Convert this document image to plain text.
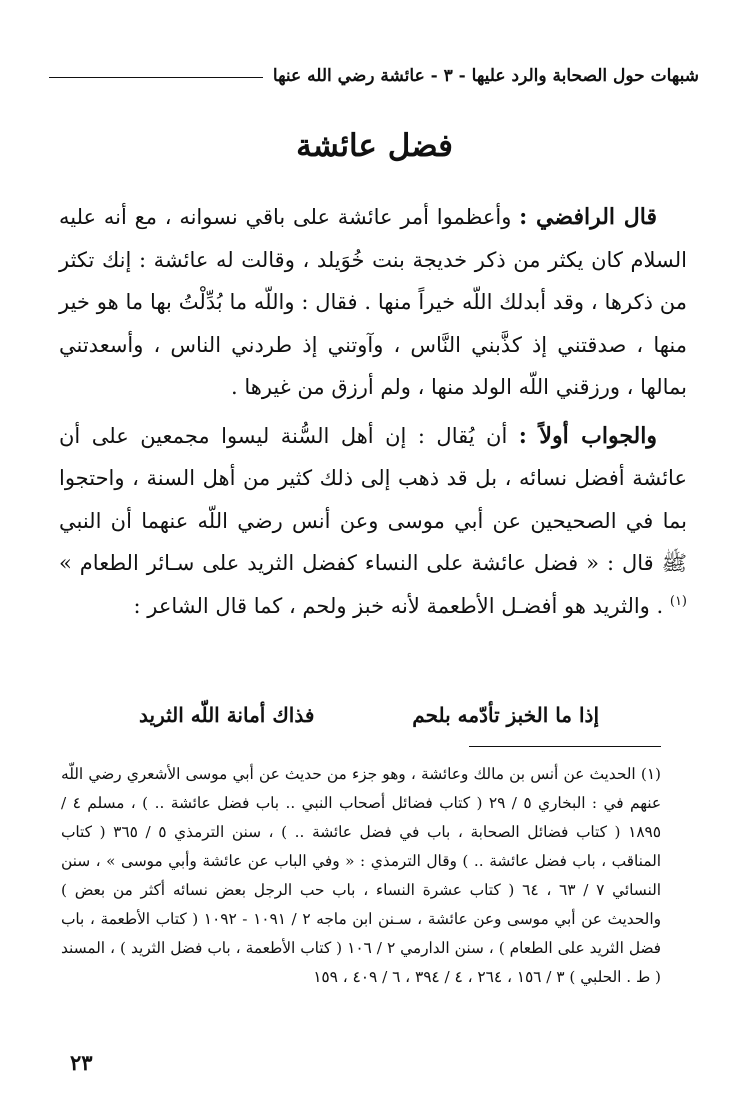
شبهات حول الصحابة والرد عليها - ٣ - عائشة رضي الله عنها
فضل عائشة

قال الرافضي : وأعظموا أمر عائشة على باقي نسوانه ، مع أنه عليه السلام كان يكثر من ذكر خديجة بنت خُوَيلد ، وقالت له عائشة : إنك تكثر من ذكرها ، وقد أبدلك اللّه خيراً منها . فقال : واللّه ما بُدِّلْتُ بها ما هو خير منها ، صدقتني إذ كذَّبني النَّاس ، وآوتني إذ طردني الناس ، وأسعدتني بمالها ، ورزقني اللّه الولد منها ، ولم أرزق من غيرها .

والجواب أولاً : أن يُقال : إن أهل السُّنة ليسوا مجمعين على أن عائشة أفضل نسائه ، بل قد ذهب إلى ذلك كثير من أهل السنة ، واحتجوا بما في الصحيحين عن أبي موسى وعن أنس رضي اللّه عنهما أن النبي ﷺ قال : « فضل عائشة على النساء كفضل الثريد على سـائر الطعام » $^{(١)}$ . والثريد هو أفضـل الأطعمة لأنه خبز ولحم ، كما قال الشاعر :

إذا ما الخبز تأدّمه بلحم
فذاك أمانة اللّه الثريد

(١) الحديث عن أنس بن مالك وعائشة ، وهو جزء من حديث عن أبي موسى الأشعري رضي اللّه عنهم في : البخاري ٥ / ٢٩ ( كتاب فضائل أصحاب النبي .. باب فضل عائشة .. ) ، مسلم ٤ / ١٨٩٥ ( كتاب فضائل الصحابة ، باب في فضل عائشة .. ) ، سنن الترمذي ٥ / ٣٦٥ ( كتاب المناقب ، باب فضل عائشة .. ) وقال الترمذي : « وفي الباب عن عائشة وأبي موسى » ، سنن النسائي ٧ / ٦٣ ، ٦٤ ( كتاب عشرة النساء ، باب حب الرجل بعض نسائه أكثر من بعض ) والحديث عن أبي موسى وعن عائشة ، سـنن ابن ماجه ٢ / ١٠٩١ - ١٠٩٢ ( كتاب الأطعمة ، باب فضل الثريد على الطعام ) ، سنن الدارمي ٢ / ١٠٦ ( كتاب الأطعمة ، باب فضل الثريد ) ، المسند ( ط . الحلبي ) ٣ / ١٥٦ ، ٢٦٤ ، ٤ / ٣٩٤ ، ٦ / ٤٠٩ ، ١٥٩

٢٣
